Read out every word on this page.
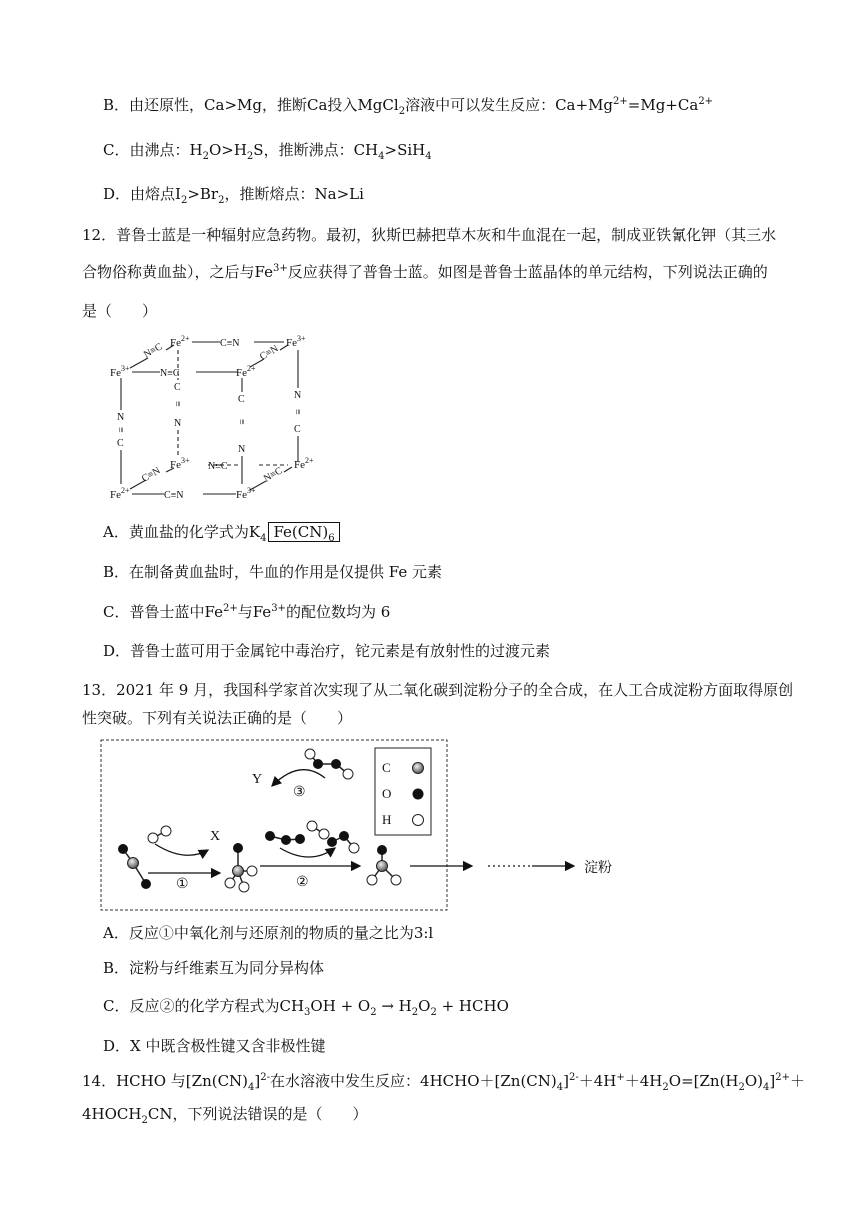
B．由还原性，Ca>Mg，推断Ca投入MgCl$_2$溶液中可以发生反应：$Ca+Mg^{2+}=Mg+Ca^{2+}$
C．由沸点：$H_2O>H_2S$，推断沸点：$CH_4>SiH_4$
D．由熔点$I_2>Br_2$，推断熔点：Na>Li
12．普鲁士蓝是一种辐射应急药物。最初，狄斯巴赫把草木灰和牛血混在一起，制成亚铁氰化钾（其三水
合物俗称黄血盐），之后与$Fe^{3+}$反应获得了普鲁士蓝。如图是普鲁士蓝晶体的单元结构，下列说法正确的
是（　　）
$Fe^{2+}$	$Fe^{3+}$
$Fe^{3+}$	$Fe^{2+}$
$Fe^{3+}$	$Fe^{2+}$
$Fe^{2+}$	$Fe^{3+}$
C≡N
N≡C
C≡N
N≡C
N≡C	C≡N
C≡N	N≡C
N
≡
C
C
≡
N
C
≡
N
N
≡
C
A．黄血盐的化学式为$K_4$ $Fe(CN)_6$
B．在制备黄血盐时，牛血的作用是仅提供 Fe 元素
C．普鲁士蓝中$Fe^{2+}$与$Fe^{3+}$的配位数均为 6
D．普鲁士蓝可用于金属铊中毒治疗，铊元素是有放射性的过渡元素
13．2021 年 9 月，我国科学家首次实现了从二氧化碳到淀粉分子的全合成，在人工合成淀粉方面取得原创
性突破。下列有关说法正确的是（　　）
C
O
H
X
Y
①	②
③
淀粉
A．反应①中氧化剂与还原剂的物质的量之比为3:l
B．淀粉与纤维素互为同分异构体
C．反应②的化学方程式为$CH_3OH + O_2 \to H_2O_2$ + HCHO
D．X 中既含极性键又含非极性键
14．HCHO 与$[Zn(CN)_4]^{2-}$在水溶液中发生反应：$4HCHO+[Zn(CN)_4]^{2-}+4H^++4H_2O=[Zn(H_2O)_4]^{2+}+$
$4HOCH_2CN$，下列说法错误的是（　　）
